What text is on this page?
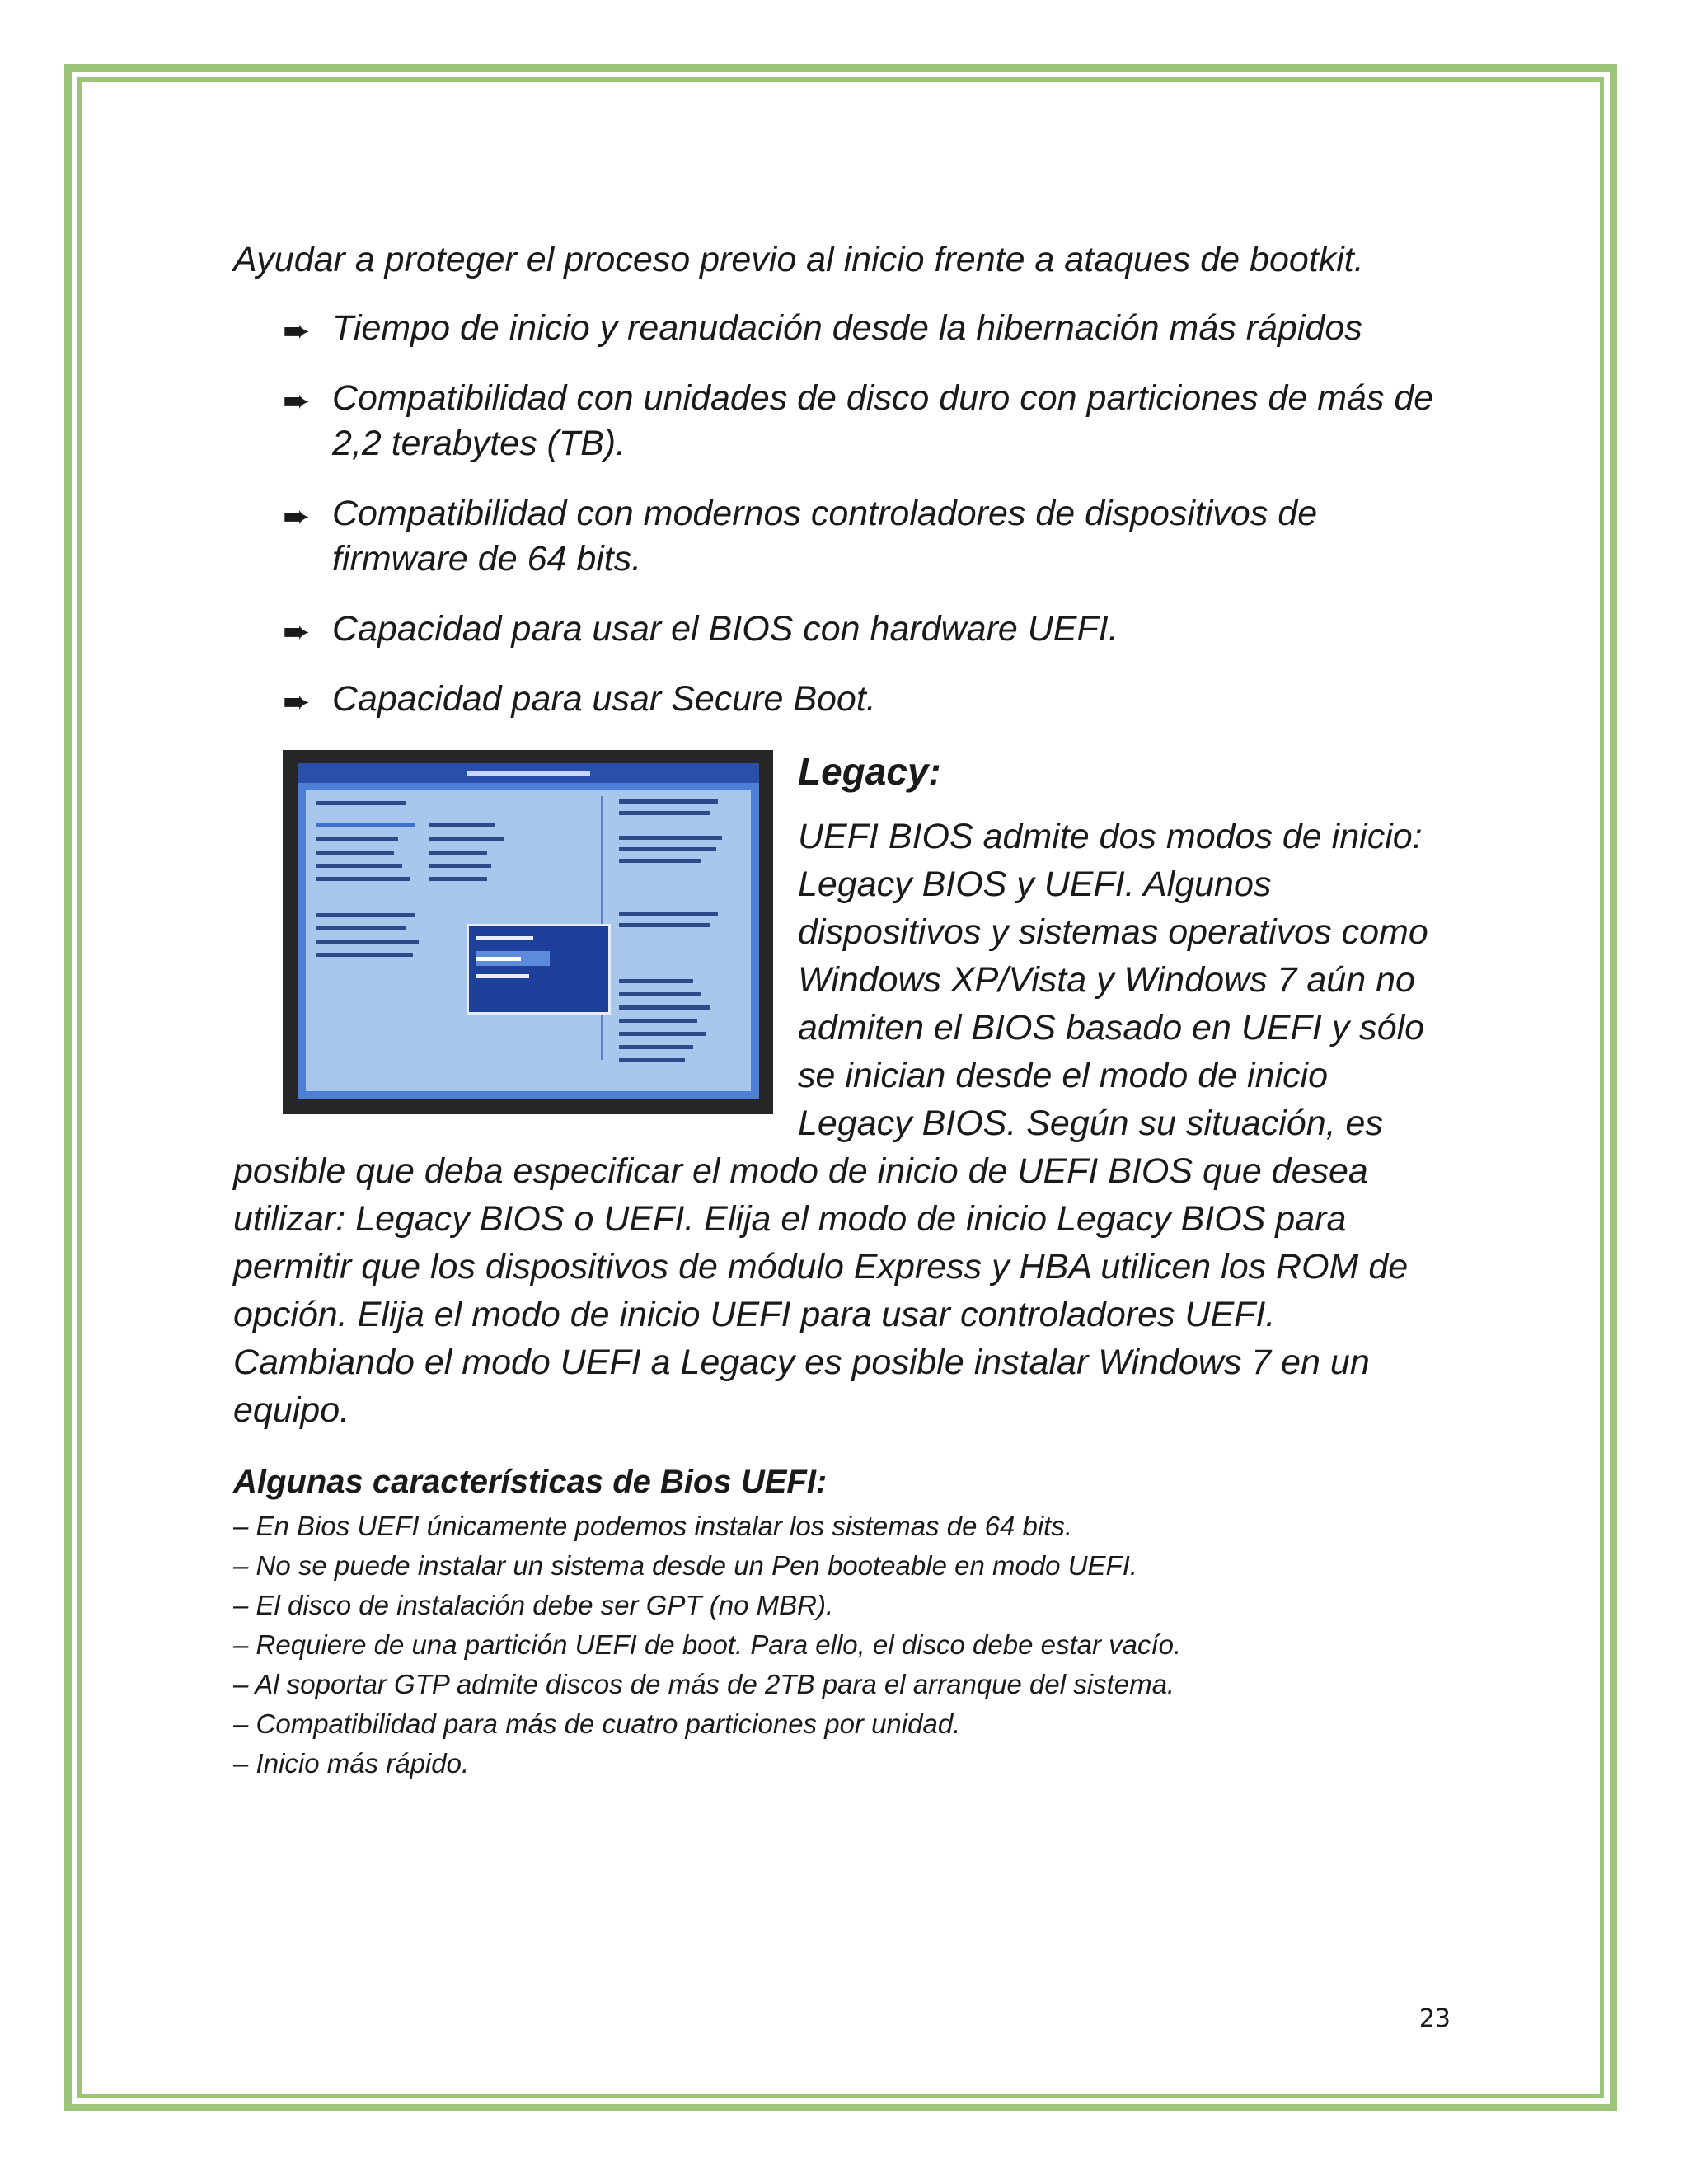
Ayudar a proteger el proceso previo al inicio frente a ataques de bootkit.

➨ Tiempo de inicio y reanudación desde la hibernación más rápidos
➨ Compatibilidad con unidades de disco duro con particiones de más de 2,2 terabytes (TB).
➨ Compatibilidad con modernos controladores de dispositivos de firmware de 64 bits.
➨ Capacidad para usar el BIOS con hardware UEFI.
➨ Capacidad para usar Secure Boot.

Legacy:

UEFI BIOS admite dos modos de inicio: Legacy BIOS y UEFI. Algunos dispositivos y sistemas operativos como Windows XP/Vista y Windows 7 aún no admiten el BIOS basado en UEFI y sólo se inician desde el modo de inicio Legacy BIOS. Según su situación, es posible que deba especificar el modo de inicio de UEFI BIOS que desea utilizar: Legacy BIOS o UEFI. Elija el modo de inicio Legacy BIOS para permitir que los dispositivos de módulo Express y HBA utilicen los ROM de opción. Elija el modo de inicio UEFI para usar controladores UEFI. Cambiando el modo UEFI a Legacy es posible instalar Windows 7 en un equipo.

Algunas características de Bios UEFI:

– En Bios UEFI únicamente podemos instalar los sistemas de 64 bits.
– No se puede instalar un sistema desde un Pen booteable en modo UEFI.
– El disco de instalación debe ser GPT (no MBR).
– Requiere de una partición UEFI de boot. Para ello, el disco debe estar vacío.
– Al soportar GTP admite discos de más de 2TB para el arranque del sistema.
– Compatibilidad para más de cuatro particiones por unidad.
– Inicio más rápido.
23
